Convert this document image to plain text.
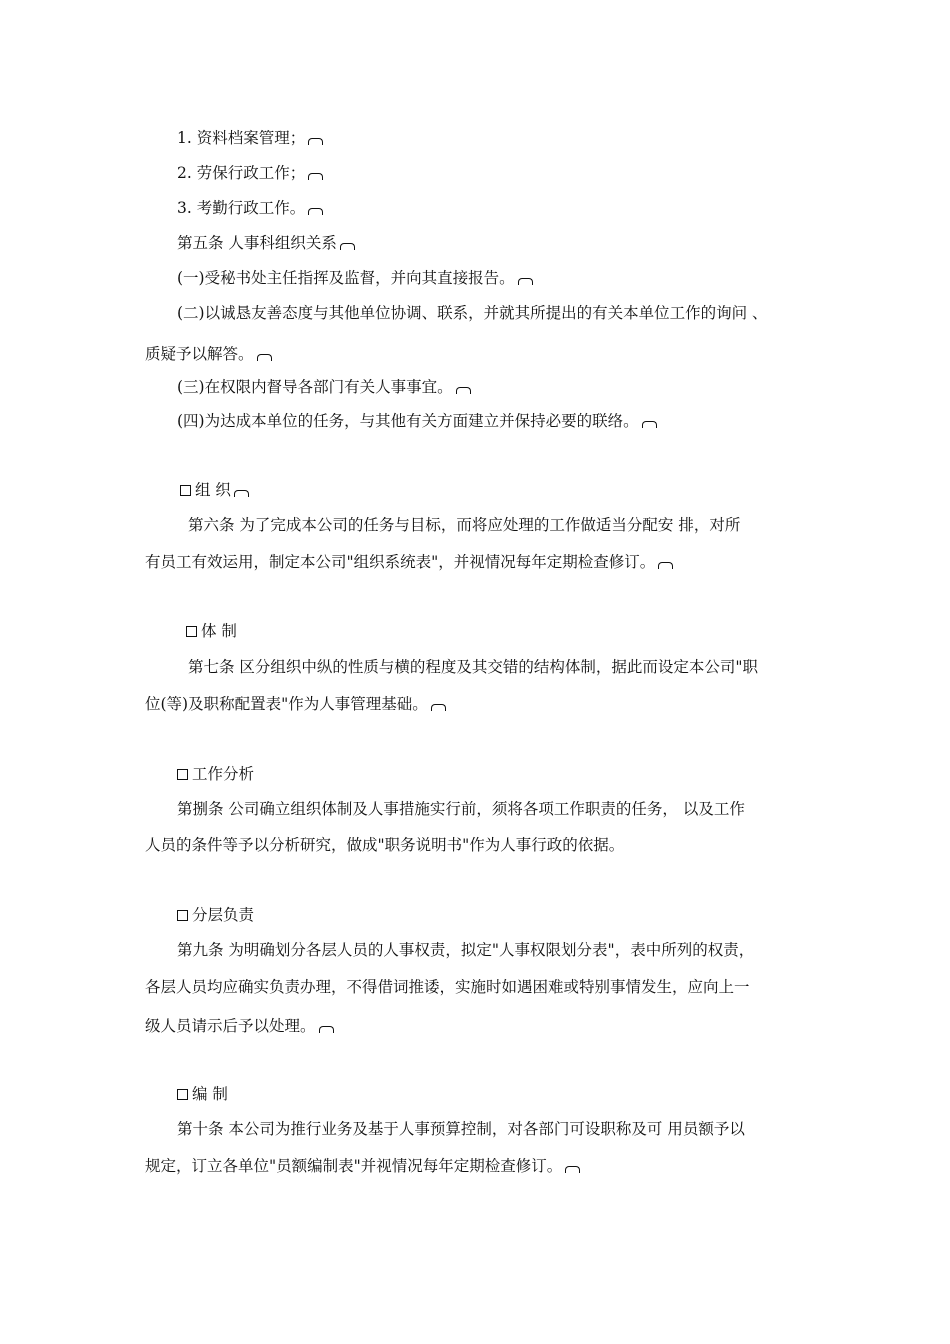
1. 资料档案管理；
2. 劳保行政工作；
3. 考勤行政工作。
第五条 人事科组织关系
(一)受秘书处主任指挥及监督，并向其直接报告。
(二)以诚恳友善态度与其他单位协调、联系，并就其所提出的有关本单位工作的询问 、
质疑予以解答。
(三)在权限内督导各部门有关人事事宜。
(四)为达成本单位的任务，与其他有关方面建立并保持必要的联络。
组 织
第六条 为了完成本公司的任务与目标，而将应处理的工作做适当分配安 排，对所
有员工有效运用，制定本公司"组织系统表"，并视情况每年定期检查修订。
体 制
第七条 区分组织中纵的性质与横的程度及其交错的结构体制，据此而设定本公司"职
位(等)及职称配置表"作为人事管理基础。
工作分析
第捌条 公司确立组织体制及人事措施实行前，须将各项工作职责的任务， 以及工作
人员的条件等予以分析研究，做成"职务说明书"作为人事行政的依据。
分层负责
第九条 为明确划分各层人员的人事权责，拟定"人事权限划分表"，表中所列的权责，
各层人员均应确实负责办理，不得借词推诿，实施时如遇困难或特别事情发生，应向上一
级人员请示后予以处理。
编 制
第十条 本公司为推行业务及基于人事预算控制，对各部门可设职称及可 用员额予以
规定，订立各单位"员额编制表"并视情况每年定期检查修订。
